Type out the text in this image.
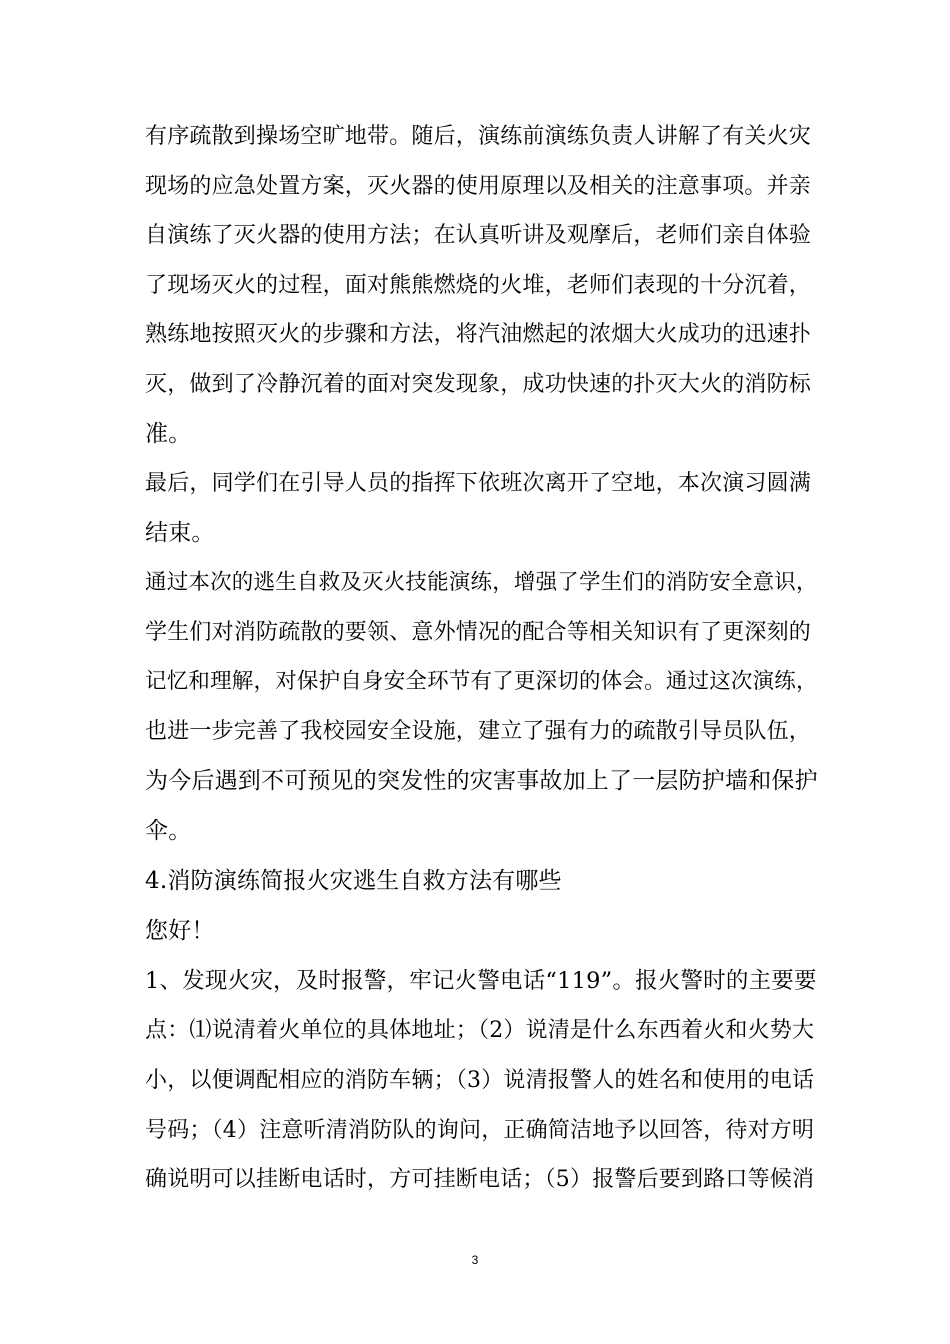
有序疏散到操场空旷地带。随后，演练前演练负责人讲解了有关火灾
现场的应急处置方案，灭火器的使用原理以及相关的注意事项。并亲
自演练了灭火器的使用方法；在认真听讲及观摩后，老师们亲自体验
了现场灭火的过程，面对熊熊燃烧的火堆，老师们表现的十分沉着，
熟练地按照灭火的步骤和方法，将汽油燃起的浓烟大火成功的迅速扑
灭，做到了冷静沉着的面对突发现象，成功快速的扑灭大火的消防标
准。
最后，同学们在引导人员的指挥下依班次离开了空地，本次演习圆满
结束。
通过本次的逃生自救及灭火技能演练，增强了学生们的消防安全意识，
学生们对消防疏散的要领、意外情况的配合等相关知识有了更深刻的
记忆和理解，对保护自身安全环节有了更深切的体会。通过这次演练，
也进一步完善了我校园安全设施，建立了强有力的疏散引导员队伍，
为今后遇到不可预见的突发性的灾害事故加上了一层防护墙和保护
伞。
4.消防演练简报火灾逃生自救方法有哪些
您好！
1、发现火灾，及时报警，牢记火警电话“119”。报火警时的主要要
点：⑴说清着火单位的具体地址；（2）说清是什么东西着火和火势大
小，以便调配相应的消防车辆；（3）说清报警人的姓名和使用的电话
号码；（4）注意听清消防队的询问，正确简洁地予以回答，待对方明
确说明可以挂断电话时，方可挂断电话；（5）报警后要到路口等候消
3
